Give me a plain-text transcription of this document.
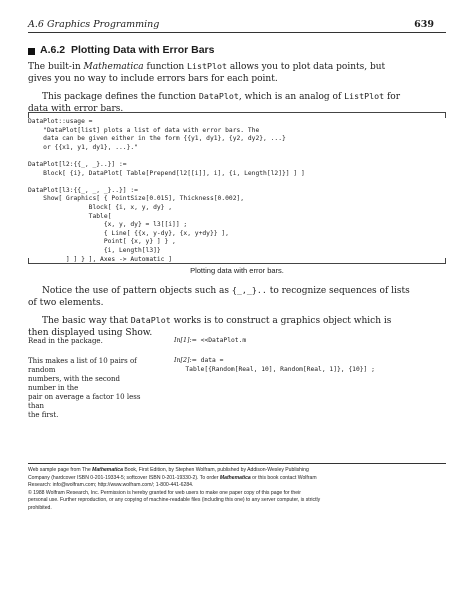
A.6 Graphics Programming	639
A.6.2 Plotting Data with Error Bars
The built-in Mathematica function ListPlot allows you to plot data points, but
gives you no way to include errors bars for each point.
This package defines the function DataPlot, which is an analog of ListPlot for
data with error bars.
DataPlot::usage =
"DataPlot[list] plots a list of data with error bars. The
data can be given either in the form {{y1, dy1}, {y2, dy2}, ...}
or {{x1, y1, dy1}, ...}."

DataPlot[l2:{{_, _}..}] :=
Block[ {i}, DataPlot[ Table[Prepend[l2[[i]], i], {i, Length[l2]}] ] ]

DataPlot[l3:{{_, _, _}..}] :=
Show[ Graphics[ { PointSize[0.015], Thickness[0.002],
Block[ {i, x, y, dy} ,
Table[
{x, y, dy} = l3[[i]] ;
{ Line[ {{x, y-dy}, {x, y+dy}} ],
Point[ {x, y} ] } ,
{i, Length[l3]}
] ] } ], Axes -> Automatic ]
Plotting data with error bars.
Notice the use of pattern objects such as {_,_}.. to recognize sequences of lists
of two elements.
The basic way that DataPlot works is to construct a graphics object which is
then displayed using Show.
Read in the package.	In[1]:= <<DataPlot.m
This makes a list of 10 pairs of random
numbers, with the second number in the
pair on average a factor 10 less than
the first.
In[2]:= data =
Table[{Random[Real, 10], Random[Real, 1]}, {10}] ;
Web sample page from The Mathematica Book, First Edition, by Stephen Wolfram, published by Addison-Wesley Publishing
Company (hardcover ISBN 0-201-19334-5; softcover ISBN 0-201-19330-2). To order Mathematica or this book contact Wolfram
Research: info@wolfram.com; http://www.wolfram.com/; 1-800-441-6284.
© 1988 Wolfram Research, Inc. Permission is hereby granted for web users to make one paper copy of this page for their
personal use. Further reproduction, or any copying of machine-readable files (including this one) to any server computer, is strictly
prohibited.
